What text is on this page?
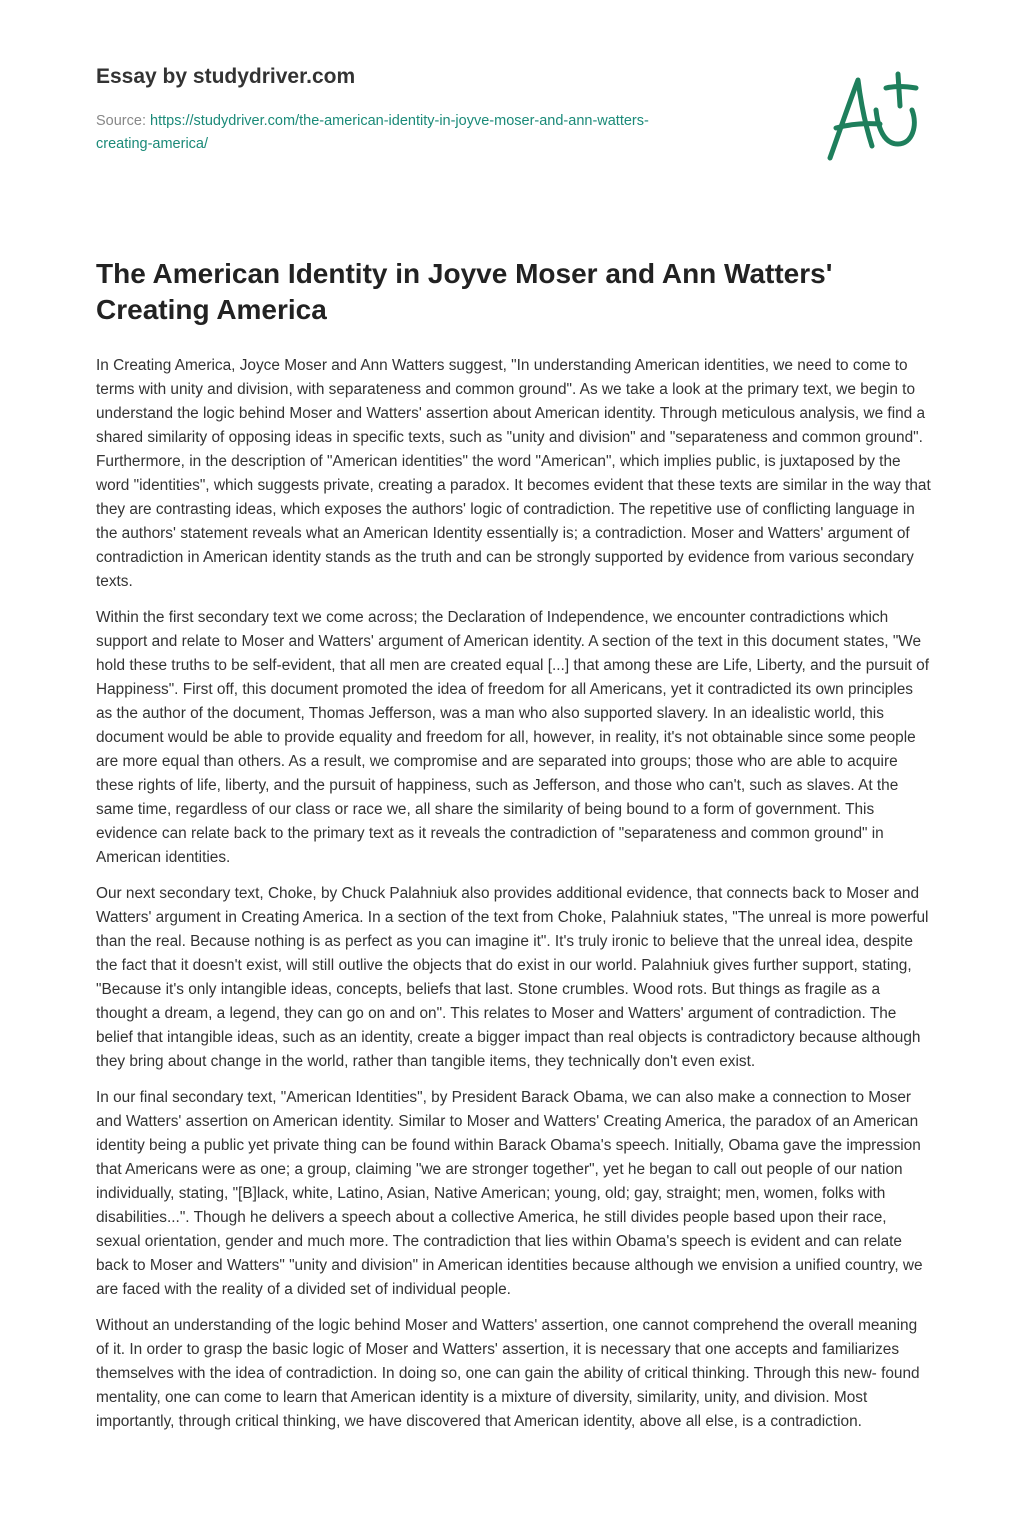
Essay by studydriver.com
Source: https://studydriver.com/the-american-identity-in-joyve-moser-and-ann-watters-
creating-america/
The American Identity in Joyve Moser and Ann Watters' Creating America

In Creating America, Joyce Moser and Ann Watters suggest, "In understanding American identities, we need to come to terms with unity and division, with separateness and common ground". As we take a look at the primary text, we begin to understand the logic behind Moser and Watters' assertion about American identity. Through meticulous analysis, we find a shared similarity of opposing ideas in specific texts, such as "unity and division" and "separateness and common ground". Furthermore, in the description of "American identities" the word "American", which implies public, is juxtaposed by the word "identities", which suggests private, creating a paradox. It becomes evident that these texts are similar in the way that they are contrasting ideas, which exposes the authors' logic of contradiction. The repetitive use of conflicting language in the authors' statement reveals what an American Identity essentially is; a contradiction. Moser and Watters' argument of contradiction in American identity stands as the truth and can be strongly supported by evidence from various secondary texts.

Within the first secondary text we come across; the Declaration of Independence, we encounter contradictions which support and relate to Moser and Watters' argument of American identity. A section of the text in this document states, "We hold these truths to be self-evident, that all men are created equal [...] that among these are Life, Liberty, and the pursuit of Happiness". First off, this document promoted the idea of freedom for all Americans, yet it contradicted its own principles as the author of the document, Thomas Jefferson, was a man who also supported slavery. In an idealistic world, this document would be able to provide equality and freedom for all, however, in reality, it's not obtainable since some people are more equal than others. As a result, we compromise and are separated into groups; those who are able to acquire these rights of life, liberty, and the pursuit of happiness, such as Jefferson, and those who can't, such as slaves. At the same time, regardless of our class or race we, all share the similarity of being bound to a form of government. This evidence can relate back to the primary text as it reveals the contradiction of "separateness and common ground" in American identities.

Our next secondary text, Choke, by Chuck Palahniuk also provides additional evidence, that connects back to Moser and Watters' argument in Creating America. In a section of the text from Choke, Palahniuk states, "The unreal is more powerful than the real. Because nothing is as perfect as you can imagine it". It's truly ironic to believe that the unreal idea, despite the fact that it doesn't exist, will still outlive the objects that do exist in our world. Palahniuk gives further support, stating, "Because it's only intangible ideas, concepts, beliefs that last. Stone crumbles. Wood rots. But things as fragile as a thought a dream, a legend, they can go on and on". This relates to Moser and Watters' argument of contradiction. The belief that intangible ideas, such as an identity, create a bigger impact than real objects is contradictory because although they bring about change in the world, rather than tangible items, they technically don't even exist.

In our final secondary text, "American Identities", by President Barack Obama, we can also make a connection to Moser and Watters' assertion on American identity. Similar to Moser and Watters' Creating America, the paradox of an American identity being a public yet private thing can be found within Barack Obama's speech. Initially, Obama gave the impression that Americans were as one; a group, claiming "we are stronger together", yet he began to call out people of our nation individually, stating, "[B]lack, white, Latino, Asian, Native American; young, old; gay, straight; men, women, folks with disabilities...". Though he delivers a speech about a collective America, he still divides people based upon their race, sexual orientation, gender and much more. The contradiction that lies within Obama's speech is evident and can relate back to Moser and Watters" "unity and division" in American identities because although we envision a unified country, we are faced with the reality of a divided set of individual people.

Without an understanding of the logic behind Moser and Watters' assertion, one cannot comprehend the overall meaning of it. In order to grasp the basic logic of Moser and Watters' assertion, it is necessary that one accepts and familiarizes themselves with the idea of contradiction. In doing so, one can gain the ability of critical thinking. Through this new- found mentality, one can come to learn that American identity is a mixture of diversity, similarity, unity, and division. Most importantly, through critical thinking, we have discovered that American identity, above all else, is a contradiction.
